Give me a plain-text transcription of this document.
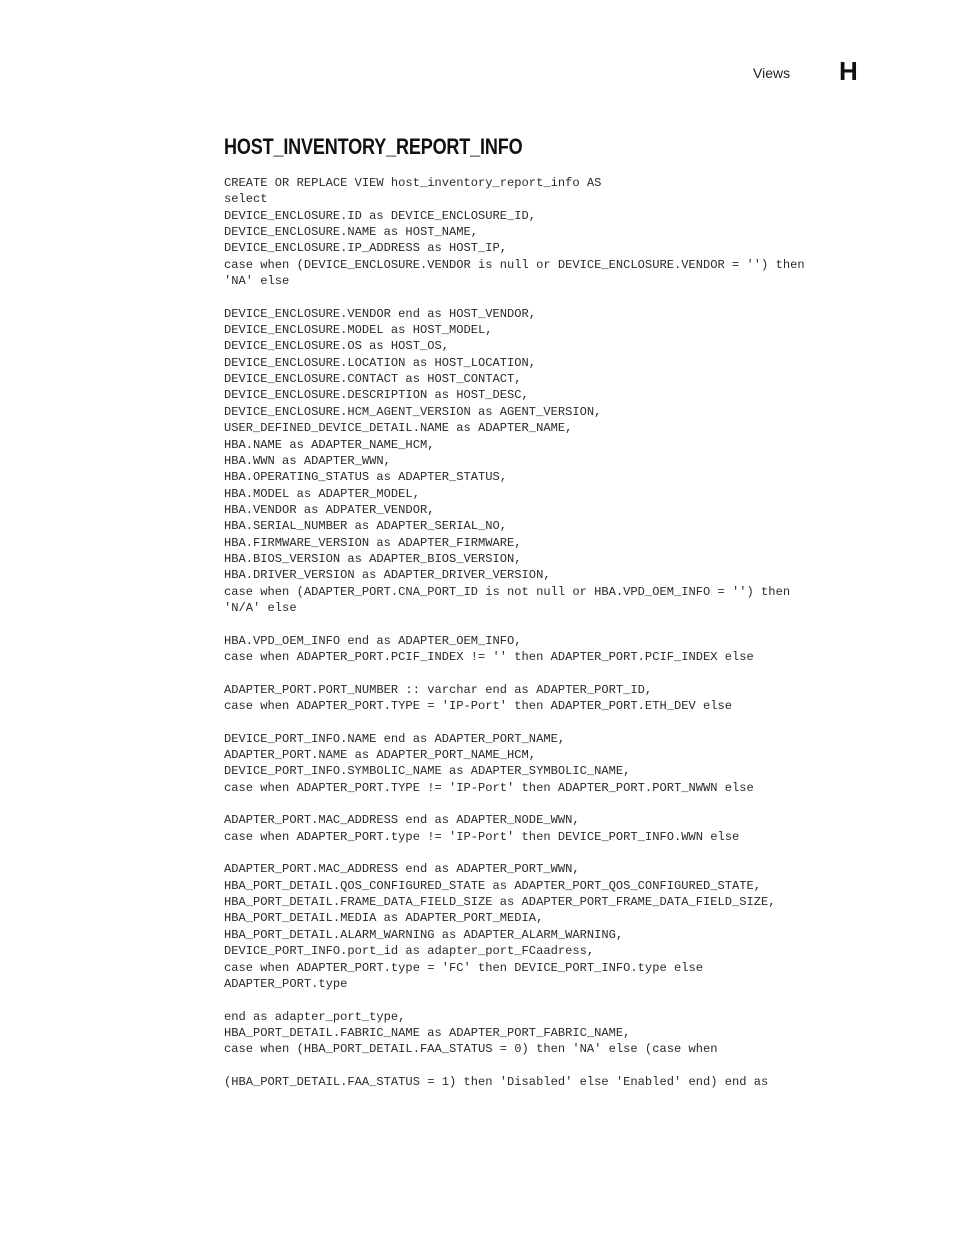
Views H
HOST_INVENTORY_REPORT_INFO
CREATE OR REPLACE VIEW host_inventory_report_info AS
select
DEVICE_ENCLOSURE.ID as DEVICE_ENCLOSURE_ID,
DEVICE_ENCLOSURE.NAME as HOST_NAME,
DEVICE_ENCLOSURE.IP_ADDRESS as HOST_IP,
case when (DEVICE_ENCLOSURE.VENDOR is null or DEVICE_ENCLOSURE.VENDOR = '') then
'NA' else
DEVICE_ENCLOSURE.VENDOR end as HOST_VENDOR,
DEVICE_ENCLOSURE.MODEL as HOST_MODEL,
DEVICE_ENCLOSURE.OS as HOST_OS,
DEVICE_ENCLOSURE.LOCATION as HOST_LOCATION,
DEVICE_ENCLOSURE.CONTACT as HOST_CONTACT,
DEVICE_ENCLOSURE.DESCRIPTION as HOST_DESC,
DEVICE_ENCLOSURE.HCM_AGENT_VERSION as AGENT_VERSION,
USER_DEFINED_DEVICE_DETAIL.NAME as ADAPTER_NAME,
HBA.NAME as ADAPTER_NAME_HCM,
HBA.WWN as ADAPTER_WWN,
HBA.OPERATING_STATUS as ADAPTER_STATUS,
HBA.MODEL as ADAPTER_MODEL,
HBA.VENDOR as ADPATER_VENDOR,
HBA.SERIAL_NUMBER as ADAPTER_SERIAL_NO,
HBA.FIRMWARE_VERSION as ADAPTER_FIRMWARE,
HBA.BIOS_VERSION as ADAPTER_BIOS_VERSION,
HBA.DRIVER_VERSION as ADAPTER_DRIVER_VERSION,
case when (ADAPTER_PORT.CNA_PORT_ID is not null or HBA.VPD_OEM_INFO = '') then
'N/A' else
HBA.VPD_OEM_INFO end as ADAPTER_OEM_INFO,
case when ADAPTER_PORT.PCIF_INDEX != '' then ADAPTER_PORT.PCIF_INDEX else
ADAPTER_PORT.PORT_NUMBER :: varchar end as ADAPTER_PORT_ID,
case when ADAPTER_PORT.TYPE = 'IP-Port' then ADAPTER_PORT.ETH_DEV else
DEVICE_PORT_INFO.NAME end as ADAPTER_PORT_NAME,
ADAPTER_PORT.NAME as ADAPTER_PORT_NAME_HCM,
DEVICE_PORT_INFO.SYMBOLIC_NAME as ADAPTER_SYMBOLIC_NAME,
case when ADAPTER_PORT.TYPE != 'IP-Port' then ADAPTER_PORT.PORT_NWWN else
ADAPTER_PORT.MAC_ADDRESS end as ADAPTER_NODE_WWN,
case when ADAPTER_PORT.type != 'IP-Port' then DEVICE_PORT_INFO.WWN else
ADAPTER_PORT.MAC_ADDRESS end as ADAPTER_PORT_WWN,
HBA_PORT_DETAIL.QOS_CONFIGURED_STATE as ADAPTER_PORT_QOS_CONFIGURED_STATE,
HBA_PORT_DETAIL.FRAME_DATA_FIELD_SIZE as ADAPTER_PORT_FRAME_DATA_FIELD_SIZE,
HBA_PORT_DETAIL.MEDIA as ADAPTER_PORT_MEDIA,
HBA_PORT_DETAIL.ALARM_WARNING as ADAPTER_ALARM_WARNING,
DEVICE_PORT_INFO.port_id as adapter_port_FCaadress,
case when ADAPTER_PORT.type = 'FC' then DEVICE_PORT_INFO.type else
ADAPTER_PORT.type
end as adapter_port_type,
HBA_PORT_DETAIL.FABRIC_NAME as ADAPTER_PORT_FABRIC_NAME,
case when (HBA_PORT_DETAIL.FAA_STATUS = 0) then 'NA' else (case when
(HBA_PORT_DETAIL.FAA_STATUS = 1) then 'Disabled' else 'Enabled' end) end as
